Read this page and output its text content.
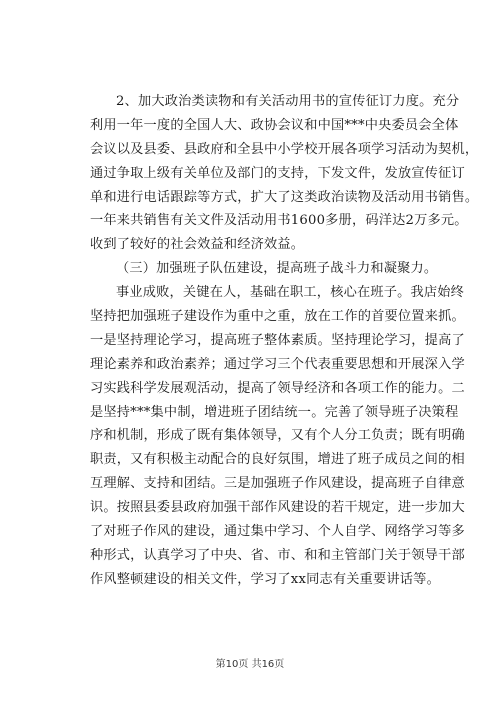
2、加大政治类读物和有关活动用书的宣传征订力度。充分
利用一年一度的全国人大、政协会议和中国***中央委员会全体
会议以及县委、县政府和全县中小学校开展各项学习活动为契机，
通过争取上级有关单位及部门的支持，下发文件，发放宣传征订
单和进行电话跟踪等方式，扩大了这类政治读物及活动用书销售。
一年来共销售有关文件及活动用书1600多册，码洋达2万多元。
收到了较好的社会效益和经济效益。
（三）加强班子队伍建设，提高班子战斗力和凝聚力。
事业成败，关键在人，基础在职工，核心在班子。我店始终
坚持把加强班子建设作为重中之重，放在工作的首要位置来抓。
一是坚持理论学习，提高班子整体素质。坚持理论学习，提高了
理论素养和政治素养；通过学习三个代表重要思想和开展深入学
习实践科学发展观活动，提高了领导经济和各项工作的能力。二
是坚持***集中制，增进班子团结统一。完善了领导班子决策程
序和机制，形成了既有集体领导，又有个人分工负责；既有明确
职责，又有积极主动配合的良好氛围，增进了班子成员之间的相
互理解、支持和团结。三是加强班子作风建设，提高班子自律意
识。按照县委县政府加强干部作风建设的若干规定，进一步加大
了对班子作风的建设，通过集中学习、个人自学、网络学习等多
种形式，认真学习了中央、省、市、和和主管部门关于领导干部
作风整顿建设的相关文件，学习了xx同志有关重要讲话等。
第10页 共16页
